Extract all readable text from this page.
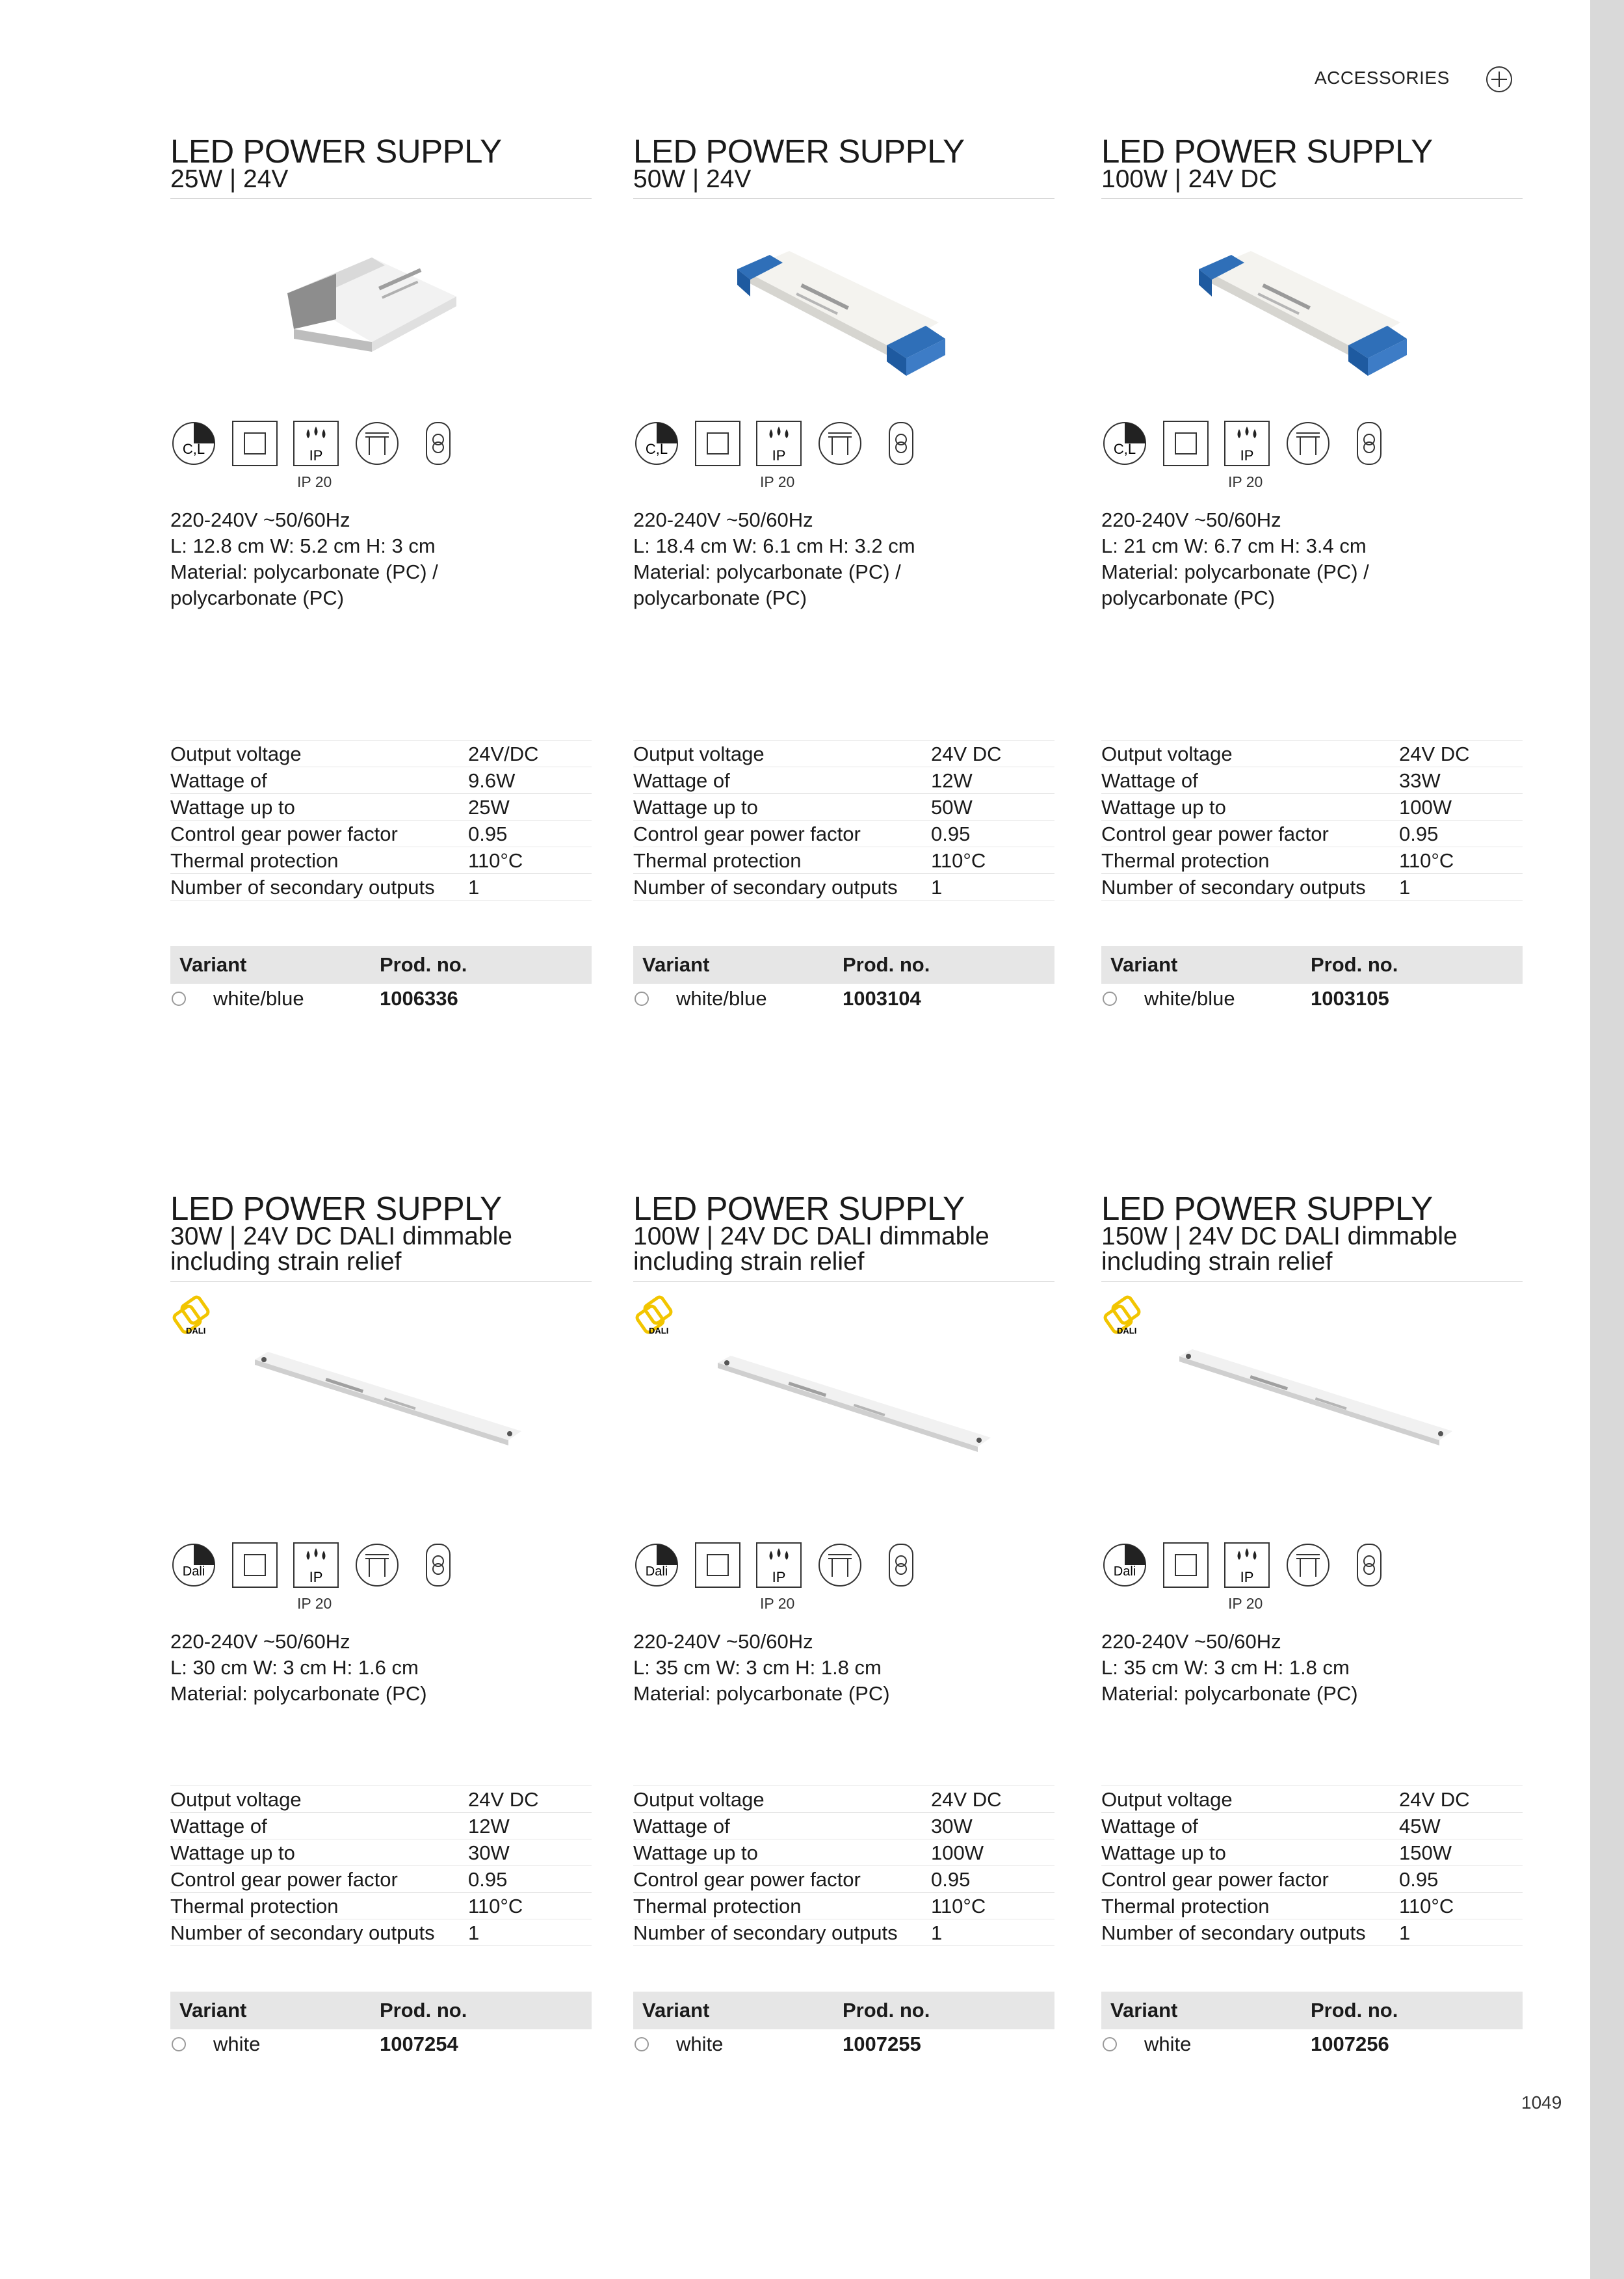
ACCESSORIES
LED POWER SUPPLY
25W | 24V
C,L	IP
IP 20
220-240V ~50/60Hz
L: 12.8 cm W: 5.2 cm H: 3 cm
Material: polycarbonate (PC) /
polycarbonate (PC)
LED POWER SUPPLY
50W | 24V
C,L	IP
IP 20
220-240V ~50/60Hz
L: 18.4 cm W: 6.1 cm H: 3.2 cm
Material: polycarbonate (PC) /
polycarbonate (PC)
LED POWER SUPPLY
100W | 24V DC
C,L	IP
IP 20
220-240V ~50/60Hz
L: 21 cm W: 6.7 cm H: 3.4 cm
Material: polycarbonate (PC) /
polycarbonate (PC)
Output voltage	24V/DC
Wattage of	9.6W
Wattage up to	25W
Control gear power factor	0.95
Thermal protection	110°C
Number of secondary outputs	1
Variant	Prod. no.
white/blue	1006336
Output voltage	24V DC
Wattage of	12W
Wattage up to	50W
Control gear power factor	0.95
Thermal protection	110°C
Number of secondary outputs	1
Variant	Prod. no.
white/blue	1003104
Output voltage	24V DC
Wattage of	33W
Wattage up to	100W
Control gear power factor	0.95
Thermal protection	110°C
Number of secondary outputs	1
Variant	Prod. no.
white/blue	1003105
LED POWER SUPPLY
30W | 24V DC DALI dimmable
including strain relief
DALI
Dali	IP
IP 20
220-240V ~50/60Hz
L: 30 cm W: 3 cm H: 1.6 cm
Material: polycarbonate (PC)
LED POWER SUPPLY
100W | 24V DC DALI dimmable
including strain relief
DALI
Dali	IP
IP 20
220-240V ~50/60Hz
L: 35 cm W: 3 cm H: 1.8 cm
Material: polycarbonate (PC)
LED POWER SUPPLY
150W | 24V DC DALI dimmable
including strain relief
DALI
Dali	IP
IP 20
220-240V ~50/60Hz
L: 35 cm W: 3 cm H: 1.8 cm
Material: polycarbonate (PC)
Output voltage	24V DC
Wattage of	12W
Wattage up to	30W
Control gear power factor	0.95
Thermal protection	110°C
Number of secondary outputs	1
Variant	Prod. no.
white	1007254
Output voltage	24V DC
Wattage of	30W
Wattage up to	100W
Control gear power factor	0.95
Thermal protection	110°C
Number of secondary outputs	1
Variant	Prod. no.
white	1007255
Output voltage	24V DC
Wattage of	45W
Wattage up to	150W
Control gear power factor	0.95
Thermal protection	110°C
Number of secondary outputs	1
Variant	Prod. no.
white	1007256
1049
